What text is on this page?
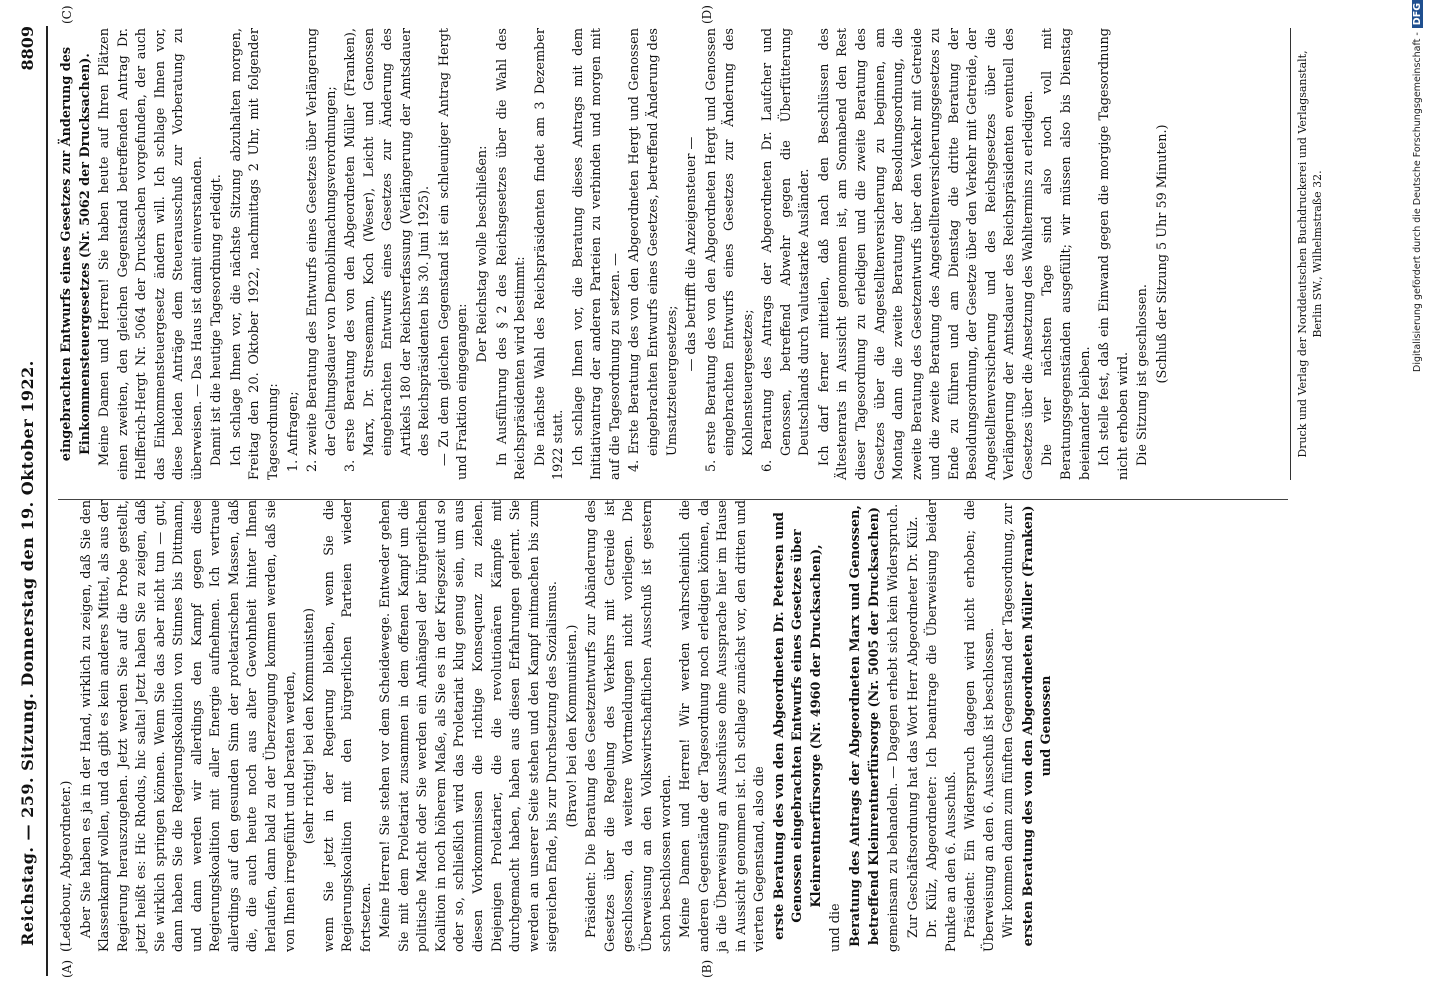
Reichstag. — 259. Sitzung. Donnerstag den 19. Oktober 1922.
8809
(A)	(B)
(C)	(D)

(Ledebour, Abgeordneter.) Aber Sie haben es ja in der Hand, wirklich zu zeigen, daß Sie den Klassenkampf wollen, und da gibt es kein anderes Mittel, als aus der Regierung herauszugehen. Jetzt werden Sie auf die Probe gestellt, jetzt heißt es: Hic Rhodus, hic salta! Jetzt haben Sie zu zeigen, daß Sie wirklich springen können. Wenn Sie das aber nicht tun — gut, dann haben Sie die Regierungskoalition von Stinnes bis Dittmann, und dann werden wir allerdings den Kampf gegen diese Regierungskoalition mit aller Energie aufnehmen. Ich vertraue allerdings auf den gesunden Sinn der proletarischen Massen, daß die, die auch heute noch aus alter Gewohnheit hinter Ihnen herlaufen, dann bald zu der Überzeugung kommen werden, daß sie von Ihnen irregeführt und beraten werden, (sehr richtig! bei den Kommunisten) wenn Sie jetzt in der Regierung bleiben, wenn Sie die Regierungskoalition mit den bürgerlichen Parteien wieder fortsetzen. Meine Herren! Sie stehen vor dem Scheidewege. Entweder gehen Sie mit dem Proletariat zusammen in dem offenen Kampf um die politische Macht oder Sie werden ein Anhängsel der bürgerlichen Koalition in noch höherem Maße, als Sie es in der Kriegszeit und so oder so, schließlich wird das Proletariat klug genug sein, um aus diesen Vorkommnissen die richtige Konsequenz zu ziehen. Diejenigen Proletarier, die die revolutionären Kämpfe mit durchgemacht haben, haben aus diesen Erfahrungen gelernt. Sie werden an unserer Seite stehen und den Kampf mitmachen bis zum siegreichen Ende, bis zur Durchsetzung des Sozialismus. (Bravo! bei den Kommunisten.) Präsident: Die Beratung des Gesetzentwurfs zur Abänderung des Gesetzes über die Regelung des Verkehrs mit Getreide ist geschlossen, da weitere Wortmeldungen nicht vorliegen. Die Überweisung an den Volkswirtschaftlichen Ausschuß ist gestern schon beschlossen worden. Meine Damen und Herren! Wir werden wahrscheinlich die anderen Gegenstände der Tagesordnung noch erledigen können, da ja die Überweisung an Ausschüsse ohne Aussprache hier im Hause in Aussicht genommen ist. Ich schlage zunächst vor, den dritten und vierten Gegenstand, also die erste Beratung des von den Abgeordneten Dr. Petersen und Genossen eingebrachten Entwurfs eines Gesetzes über Kleinrentnerfürsorge (Nr. 4960 der Drucksachen),

und die Beratung des Antrags der Abgeordneten Marx und Genossen, betreffend Kleinrentnerfürsorge (Nr. 5005 der Drucksachen) gemeinsam zu behandeln. — Dagegen erhebt sich kein Widerspruch. Zur Geschäftsordnung hat das Wort Herr Abgeordneter Dr. Külz. Dr. Külz, Abgeordneter: Ich beantrage die Überweisung beider Punkte an den 6. Ausschuß. Präsident: Ein Widerspruch dagegen wird nicht erhoben; die Überweisung an den 6. Ausschuß ist beschlossen. Wir kommen dann zum fünften Gegenstand der Tagesordnung, zur ersten Beratung des von den Abgeordneten Müller (Franken) und Genossen

eingebrachten Entwurfs eines Gesetzes zur Änderung des Einkommensteuergesetzes (Nr. 5062 der Drucksachen). Meine Damen und Herren! Sie haben heute auf Ihren Plätzen einen zweiten, den gleichen Gegenstand betreffenden Antrag Dr. Helfferich-Hergt Nr. 5064 der Drucksachen vorgefunden, der auch das Einkommensteuergesetz ändern will. Ich schlage Ihnen vor, diese beiden Anträge dem Steuerausschuß zur Vorberatung zu überweisen. — Das Haus ist damit einverstanden. Damit ist die heutige Tagesordnung erledigt. Ich schlage Ihnen vor, die nächste Sitzung abzuhalten morgen, Freitag den 20. Oktober 1922, nachmittags 2 Uhr, mit folgender Tagesordnung: 1. Anfragen; 2. zweite Beratung des Entwurfs eines Gesetzes über Verlängerung der Geltungsdauer von Demobilmachungsverordnungen; 3. erste Beratung des von den Abgeordneten Müller (Franken), Marx, Dr. Stresemann, Koch (Weser), Leicht und Genossen eingebrachten Entwurfs eines Gesetzes zur Änderung des Artikels 180 der Reichsverfassung (Verlängerung der Amtsdauer des Reichspräsidenten bis 30. Juni 1925). — Zu dem gleichen Gegenstand ist ein schleuniger Antrag Hergt und Fraktion eingegangen:

Der Reichstag wolle beschließen: In Ausführung des § 2 des Reichsgesetzes über die Wahl des Reichspräsidenten wird bestimmt: Die nächste Wahl des Reichspräsidenten findet am 3 Dezember 1922 statt. Ich schlage Ihnen vor, die Beratung dieses Antrags mit dem Initiativantrag der anderen Parteien zu verbinden und morgen mit auf die Tagesordnung zu setzen. — 4. Erste Beratung des von den Abgeordneten Hergt und Genossen eingebrachten Entwurfs eines Gesetzes, betreffend Änderung des Umsatzsteuergesetzes;

— das betrifft die Anzeigensteuer — 5. erste Beratung des von den Abgeordneten Hergt und Genossen eingebrachten Entwurfs eines Gesetzes zur Änderung des Kohlensteuergesetzes; 6. Beratung des Antrags der Abgeordneten Dr. Laufcher und Genossen, betreffend Abwehr gegen die Überfütterung Deutschlands durch valutastarke Ausländer. Ich darf ferner mitteilen, daß nach den Beschlüssen des Ältestenrats in Aussicht genommen ist, am Sonnabend den Rest dieser Tagesordnung zu erledigen und die zweite Beratung des Gesetzes über die Angestelltenversicherung zu beginnen, am Montag dann die zweite Beratung der Besoldungsordnung, die zweite Beratung des Gesetzentwurfs über den Verkehr mit Getreide und die zweite Beratung des Angestelltenversicherungsgesetzes zu Ende zu führen und am Dienstag die dritte Beratung der Besoldungsordnung, der Gesetze über den Verkehr mit Getreide, der Angestelltenversicherung und des Reichsgesetzes über die Verlängerung der Amtsdauer des Reichspräsidenten eventuell des Gesetzes über die Ansetzung des Wahltermins zu erledigen. Die vier nächsten Tage sind also noch voll mit Beratungsgegenständen ausgefüllt; wir müssen also bis Dienstag beieinander bleiben. Ich stelle fest, daß ein Einwand gegen die morgige Tagesordnung nicht erhoben wird. Die Sitzung ist geschlossen. (Schluß der Sitzung 5 Uhr 59 Minuten.)	Druck und Verlag der Norddeutschen Buchdruckerei und Verlagsanstalt, Berlin SW., Wilhelmstraße 32.	Digitalisierung gefördert durch die Deutsche Forschungsgemeinschaft -DFG
